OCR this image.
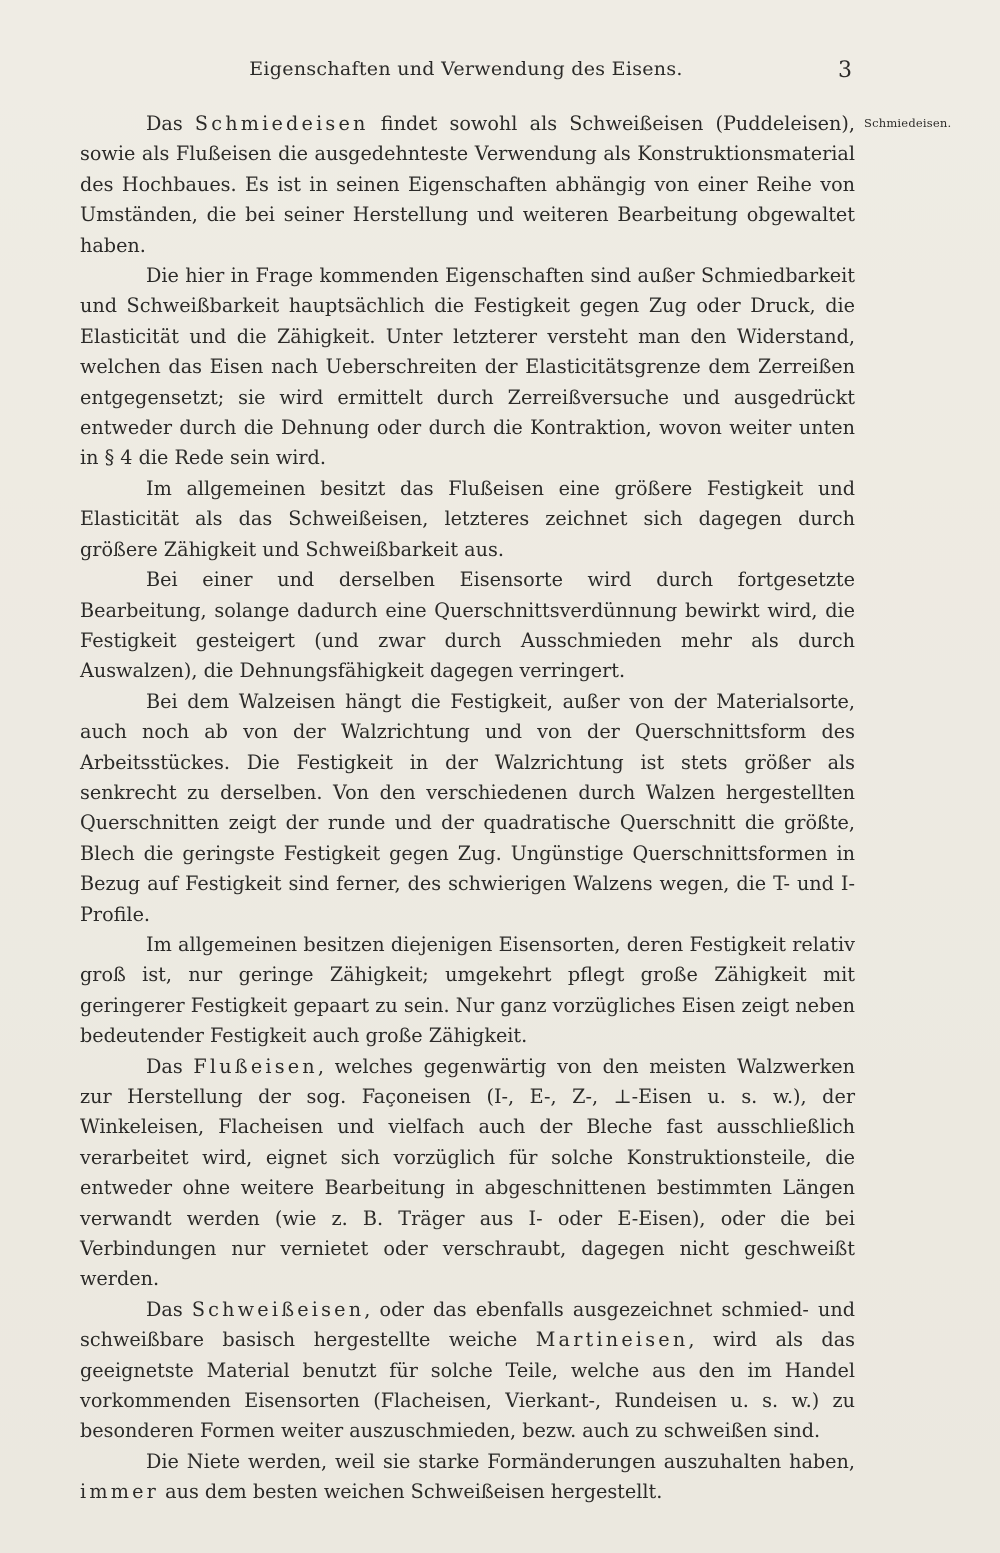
Eigenschaften und Verwendung des Eisens.	3
Schmiedeisen.

Das Schmiedeisen findet sowohl als Schweißeisen (Puddeleisen), sowie als Flußeisen die ausgedehnteste Verwendung als Konstruktionsmaterial des Hochbaues. Es ist in seinen Eigenschaften abhängig von einer Reihe von Umständen, die bei seiner Herstellung und weiteren Bearbeitung obgewaltet haben.

Die hier in Frage kommenden Eigenschaften sind außer Schmiedbarkeit und Schweißbarkeit hauptsächlich die Festigkeit gegen Zug oder Druck, die Elasticität und die Zähigkeit. Unter letzterer versteht man den Widerstand, welchen das Eisen nach Ueberschreiten der Elasticitätsgrenze dem Zerreißen entgegensetzt; sie wird ermittelt durch Zerreißversuche und ausgedrückt entweder durch die Dehnung oder durch die Kontraktion, wovon weiter unten in § 4 die Rede sein wird.

Im allgemeinen besitzt das Flußeisen eine größere Festigkeit und Elasticität als das Schweißeisen, letzteres zeichnet sich dagegen durch größere Zähigkeit und Schweißbarkeit aus.

Bei einer und derselben Eisensorte wird durch fortgesetzte Bearbeitung, solange dadurch eine Querschnittsverdünnung bewirkt wird, die Festigkeit gesteigert (und zwar durch Ausschmieden mehr als durch Auswalzen), die Dehnungsfähigkeit dagegen verringert.

Bei dem Walzeisen hängt die Festigkeit, außer von der Materialsorte, auch noch ab von der Walzrichtung und von der Querschnittsform des Arbeitsstückes. Die Festigkeit in der Walzrichtung ist stets größer als senkrecht zu derselben. Von den verschiedenen durch Walzen hergestellten Querschnitten zeigt der runde und der quadratische Querschnitt die größte, Blech die geringste Festigkeit gegen Zug. Ungünstige Querschnittsformen in Bezug auf Festigkeit sind ferner, des schwierigen Walzens wegen, die T- und I-Profile.

Im allgemeinen besitzen diejenigen Eisensorten, deren Festigkeit relativ groß ist, nur geringe Zähigkeit; umgekehrt pflegt große Zähigkeit mit geringerer Festigkeit gepaart zu sein. Nur ganz vorzügliches Eisen zeigt neben bedeutender Festigkeit auch große Zähigkeit.

Das Flußeisen, welches gegenwärtig von den meisten Walzwerken zur Herstellung der sog. Façoneisen (I-, E-, Z-, ⊥-Eisen u. s. w.), der Winkeleisen, Flacheisen und vielfach auch der Bleche fast ausschließlich verarbeitet wird, eignet sich vorzüglich für solche Konstruktionsteile, die entweder ohne weitere Bearbeitung in abgeschnittenen bestimmten Längen verwandt werden (wie z. B. Träger aus I- oder E-Eisen), oder die bei Verbindungen nur vernietet oder verschraubt, dagegen nicht geschweißt werden.

Das Schweißeisen, oder das ebenfalls ausgezeichnet schmied- und schweißbare basisch hergestellte weiche Martineisen, wird als das geeignetste Material benutzt für solche Teile, welche aus den im Handel vorkommenden Eisensorten (Flacheisen, Vierkant-, Rundeisen u. s. w.) zu besonderen Formen weiter auszuschmieden, bezw. auch zu schweißen sind.

Die Niete werden, weil sie starke Formänderungen auszuhalten haben, immer aus dem besten weichen Schweißeisen hergestellt.
